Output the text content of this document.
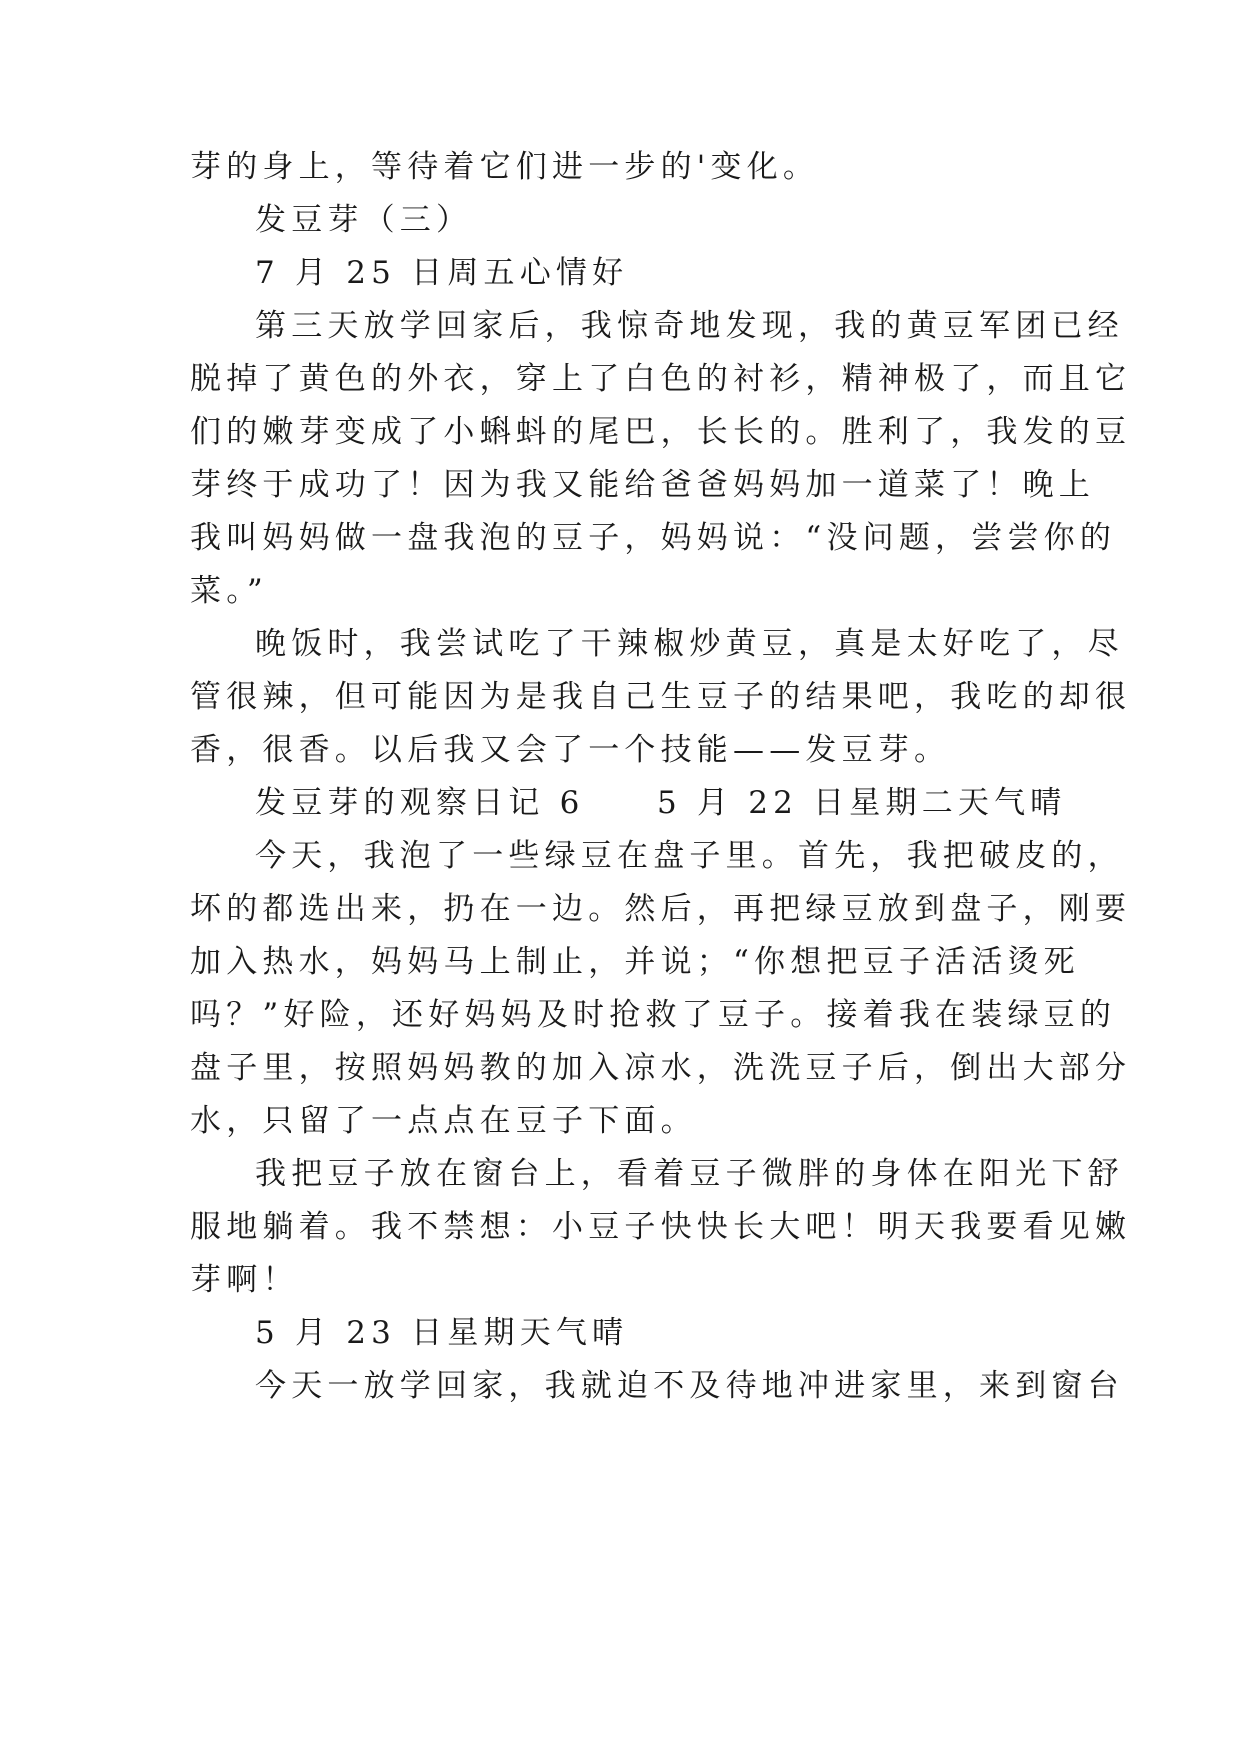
芽的身上，等待着它们进一步的'变化。
发豆芽（三）
7 月 25 日周五心情好
第三天放学回家后，我惊奇地发现，我的黄豆军团已经
脱掉了黄色的外衣，穿上了白色的衬衫，精神极了，而且它
们的嫩芽变成了小蝌蚪的尾巴，长长的。胜利了，我发的豆
芽终于成功了！因为我又能给爸爸妈妈加一道菜了！晚上
我叫妈妈做一盘我泡的豆子，妈妈说：“没问题，尝尝你的
菜。”
晚饭时，我尝试吃了干辣椒炒黄豆，真是太好吃了，尽
管很辣，但可能因为是我自己生豆子的结果吧，我吃的却很
香，很香。以后我又会了一个技能——发豆芽。
发豆芽的观察日记 6　　5 月 22 日星期二天气晴
今天，我泡了一些绿豆在盘子里。首先，我把破皮的，
坏的都选出来，扔在一边。然后，再把绿豆放到盘子，刚要
加入热水，妈妈马上制止，并说；“你想把豆子活活烫死
吗？”好险，还好妈妈及时抢救了豆子。接着我在装绿豆的
盘子里，按照妈妈教的加入凉水，洗洗豆子后，倒出大部分
水，只留了一点点在豆子下面。
我把豆子放在窗台上，看着豆子微胖的身体在阳光下舒
服地躺着。我不禁想：小豆子快快长大吧！明天我要看见嫩
芽啊！
5 月 23 日星期天气晴
今天一放学回家，我就迫不及待地冲进家里，来到窗台
